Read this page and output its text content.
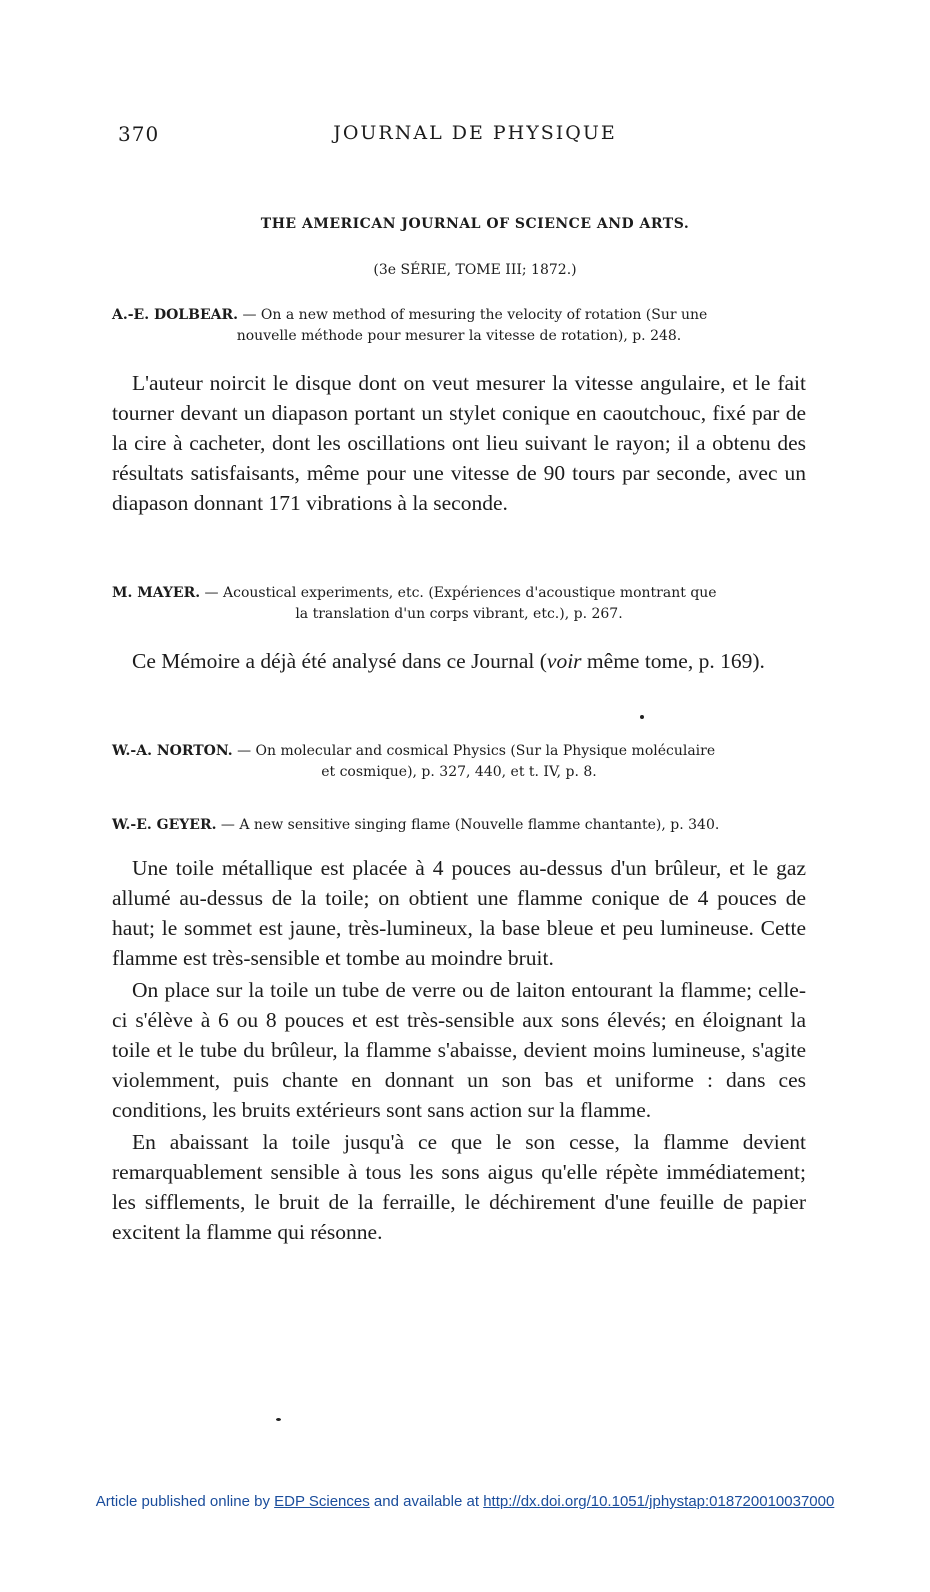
370	JOURNAL DE PHYSIQUE
THE AMERICAN JOURNAL OF SCIENCE AND ARTS.
(3e SÉRIE, TOME III; 1872.)
A.-E. DOLBEAR. — On a new method of mesuring the velocity of rotation (Sur une
nouvelle méthode pour mesurer la vitesse de rotation), p. 248.

L'auteur noircit le disque dont on veut mesurer la vitesse angulaire, et le fait tourner devant un diapason portant un stylet conique en caoutchouc, fixé par de la cire à cacheter, dont les oscillations ont lieu suivant le rayon; il a obtenu des résultats satisfaisants, même pour une vitesse de 90 tours par seconde, avec un diapason donnant 171 vibrations à la seconde.

M. MAYER. — Acoustical experiments, etc. (Expériences d'acoustique montrant que
la translation d'un corps vibrant, etc.), p. 267.

Ce Mémoire a déjà été analysé dans ce Journal (voir même tome, p. 169).

W.-A. NORTON. — On molecular and cosmical Physics (Sur la Physique moléculaire
et cosmique), p. 327, 440, et t. IV, p. 8.
W.-E. GEYER. — A new sensitive singing flame (Nouvelle flamme chantante), p. 340.

Une toile métallique est placée à 4 pouces au-dessus d'un brûleur, et le gaz allumé au-dessus de la toile; on obtient une flamme conique de 4 pouces de haut; le sommet est jaune, très-lumineux, la base bleue et peu lumineuse. Cette flamme est très-sensible et tombe au moindre bruit.

On place sur la toile un tube de verre ou de laiton entourant la flamme; celle-ci s'élève à 6 ou 8 pouces et est très-sensible aux sons élevés; en éloignant la toile et le tube du brûleur, la flamme s'abaisse, devient moins lumineuse, s'agite violemment, puis chante en donnant un son bas et uniforme : dans ces conditions, les bruits extérieurs sont sans action sur la flamme.

En abaissant la toile jusqu'à ce que le son cesse, la flamme devient remarquablement sensible à tous les sons aigus qu'elle répète immédiatement; les sifflements, le bruit de la ferraille, le déchirement d'une feuille de papier excitent la flamme qui résonne.

Article published online by EDP Sciences and available at http://dx.doi.org/10.1051/jphystap:018720010037000
